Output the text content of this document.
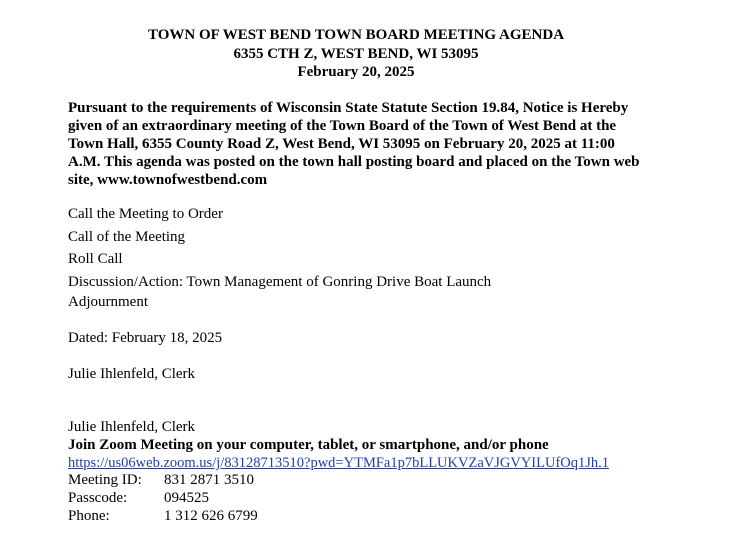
TOWN OF WEST BEND TOWN BOARD MEETING AGENDA
6355 CTH Z, WEST BEND, WI 53095
February 20, 2025
Pursuant to the requirements of Wisconsin State Statute Section 19.84, Notice is Hereby given of an extraordinary meeting of the Town Board of the Town of West Bend at the Town Hall, 6355 County Road Z, West Bend, WI 53095 on February 20, 2025 at 11:00 A.M. This agenda was posted on the town hall posting board and placed on the Town web site, www.townofwestbend.com
Call the Meeting to Order
Call of the Meeting
Roll Call
Discussion/Action: Town Management of Gonring Drive Boat Launch
Adjournment
Dated: February 18, 2025
Julie Ihlenfeld, Clerk
Julie Ihlenfeld, Clerk
Join Zoom Meeting on your computer, tablet, or smartphone, and/or phone
https://us06web.zoom.us/j/83128713510?pwd=YTMFa1p7bLLUKVZaVJGVYILUfOq1Jh.1
Meeting ID: 831 2871 3510
Passcode: 094525
Phone:	1 312 626 6799
